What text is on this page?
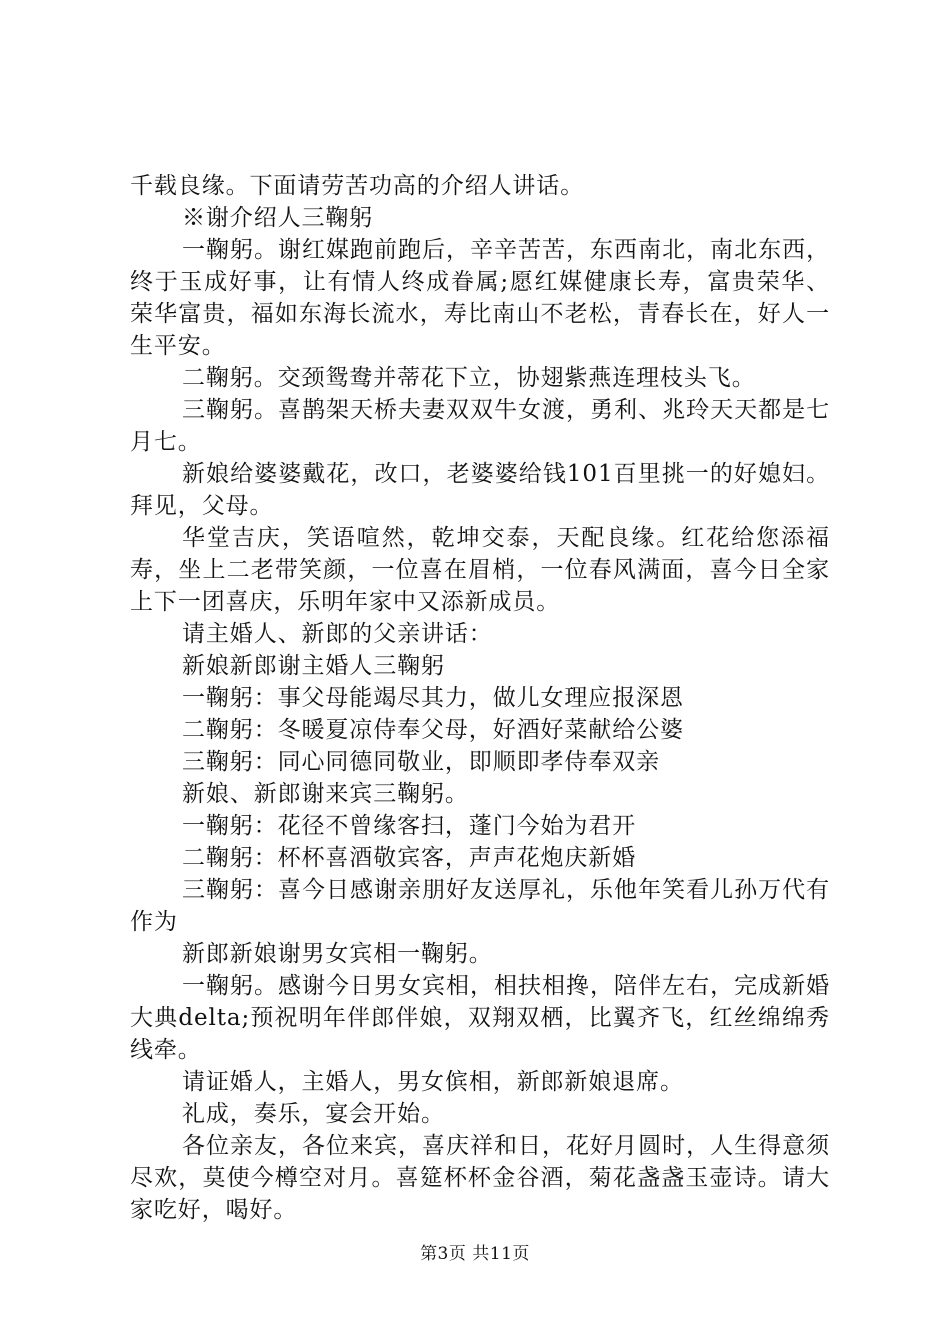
千载良缘。下面请劳苦功高的介绍人讲话。

※谢介绍人三鞠躬

一鞠躬。谢红媒跑前跑后，辛辛苦苦，东西南北，南北东西，终于玉成好事，让有情人终成眷属;愿红媒健康长寿，富贵荣华、荣华富贵，福如东海长流水，寿比南山不老松，青春长在，好人一生平安。

二鞠躬。交颈鸳鸯并蒂花下立，协翅紫燕连理枝头飞。

三鞠躬。喜鹊架天桥夫妻双双牛女渡，勇利、兆玲天天都是七月七。

新娘给婆婆戴花，改口，老婆婆给钱101百里挑一的好媳妇。拜见，父母。

华堂吉庆，笑语喧然，乾坤交泰，天配良缘。红花给您添福寿，坐上二老带笑颜，一位喜在眉梢，一位春风满面，喜今日全家上下一团喜庆，乐明年家中又添新成员。

请主婚人、新郎的父亲讲话：

新娘新郎谢主婚人三鞠躬

一鞠躬：事父母能竭尽其力，做儿女理应报深恩

二鞠躬：冬暖夏凉侍奉父母，好酒好菜献给公婆

三鞠躬：同心同德同敬业，即顺即孝侍奉双亲

新娘、新郎谢来宾三鞠躬。

一鞠躬：花径不曾缘客扫，蓬门今始为君开

二鞠躬：杯杯喜酒敬宾客，声声花炮庆新婚

三鞠躬：喜今日感谢亲朋好友送厚礼，乐他年笑看儿孙万代有作为

新郎新娘谢男女宾相一鞠躬。

一鞠躬。感谢今日男女宾相，相扶相搀，陪伴左右，完成新婚大典delta;预祝明年伴郎伴娘，双翔双栖，比翼齐飞，红丝绵绵秀线牵。

请证婚人，主婚人，男女傧相，新郎新娘退席。

礼成，奏乐，宴会开始。

各位亲友，各位来宾，喜庆祥和日，花好月圆时，人生得意须尽欢，莫使今樽空对月。喜筵杯杯金谷酒，菊花盏盏玉壶诗。请大家吃好，喝好。

第3页 共11页
